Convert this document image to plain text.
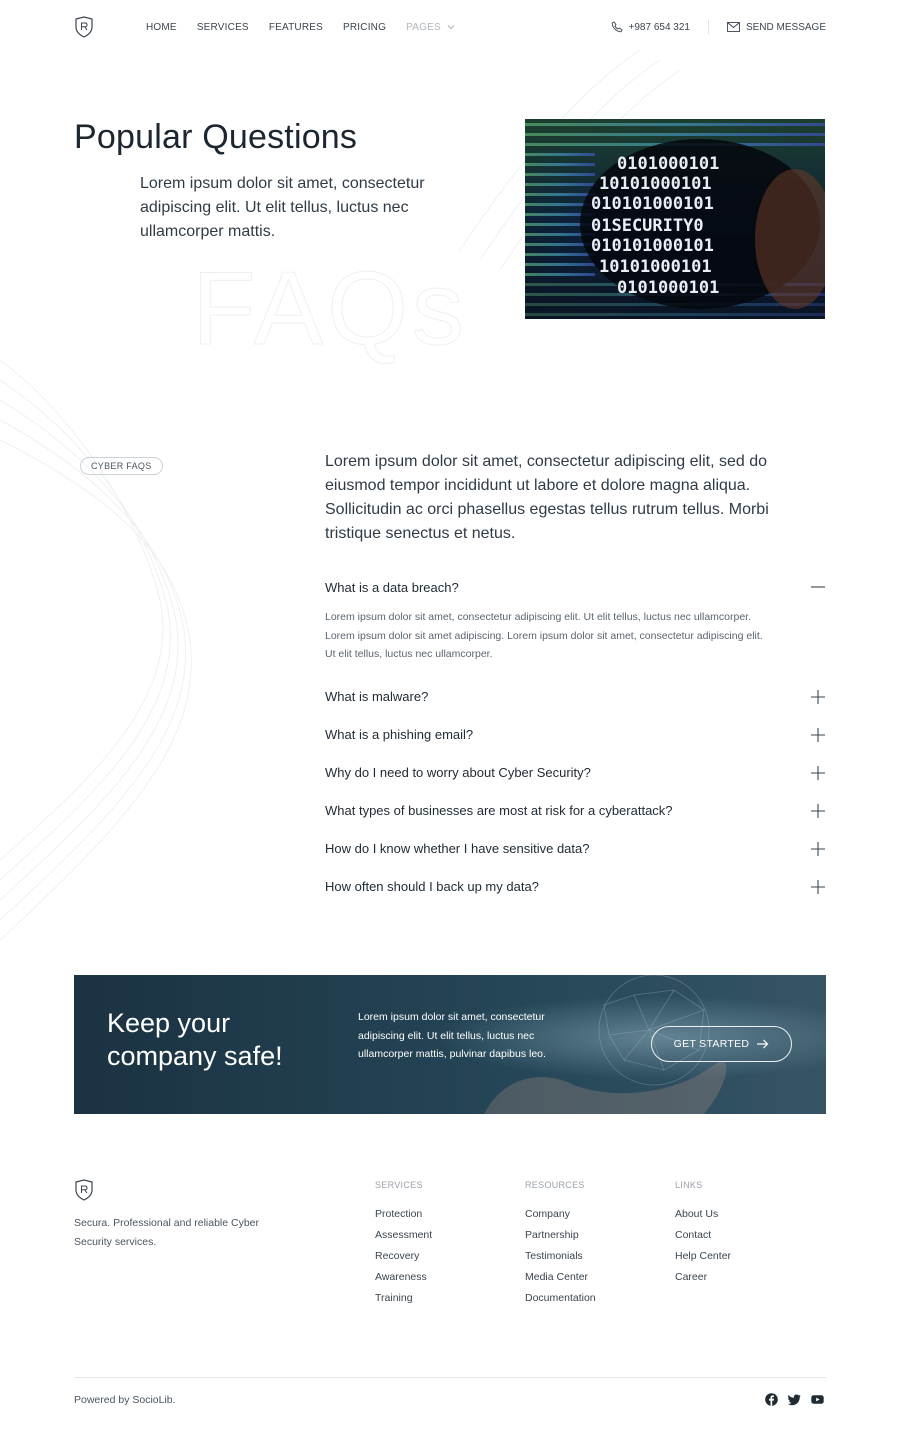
HOME SERVICES FEATURES PRICING PAGES	+987 654 321	SEND MESSAGE
Popular Questions

Lorem ipsum dolor sit amet, consectetur adipiscing elit. Ut elit tellus, luctus nec ullamcorper mattis.

FAQs
0101000101
10101000101
010101000101
01SECURITY0
010101000101
10101000101
0101000101
CYBER FAQS	Lorem ipsum dolor sit amet, consectetur adipiscing elit, sed do eiusmod tempor incididunt ut labore et dolore magna aliqua. Sollicitudin ac orci phasellus egestas tellus rutrum tellus. Morbi tristique senectus et netus.

What is a data breach?

Lorem ipsum dolor sit amet, consectetur adipiscing elit. Ut elit tellus, luctus nec ullamcorper. Lorem ipsum dolor sit amet adipiscing. Lorem ipsum dolor sit amet, consectetur adipiscing elit. Ut elit tellus, luctus nec ullamcorper.

What is malware?
What is a phishing email?
Why do I need to worry about Cyber Security?
What types of businesses are most at risk for a cyberattack?
How do I know whether I have sensitive data?
How often should I back up my data?
Keep your company safe!

Lorem ipsum dolor sit amet, consectetur adipiscing elit. Ut elit tellus, luctus nec ullamcorper mattis, pulvinar dapibus leo.

GET STARTED

Secura. Professional and reliable Cyber Security services.

SERVICES
Protection
Assessment
Recovery
Awareness
Training
RESOURCES
Company
Partnership
Testimonials
Media Center
Documentation
LINKS
About Us
Contact
Help Center
Career

Powered by SocioLib.
